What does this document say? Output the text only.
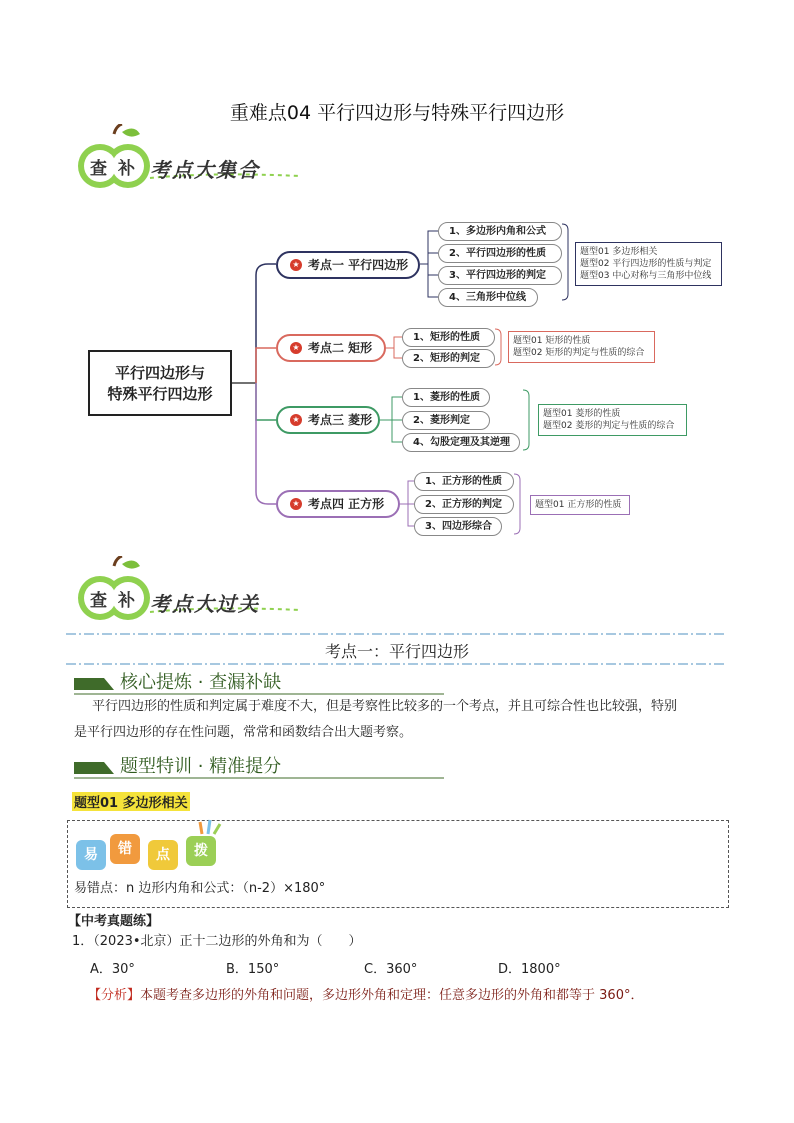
重难点04 平行四边形与特殊平行四边形
查 补 考点大集合
平行四边形与
特殊平行四边形
★ 考点一 平行四边形
1、多边形内角和公式
2、平行四边形的性质
3、平行四边形的判定
4、三角形中位线
题型01 多边形相关
题型02 平行四边形的性质与判定
题型03 中心对称与三角形中位线
★ 考点二 矩形
1、矩形的性质
2、矩形的判定
题型01 矩形的性质
题型02 矩形的判定与性质的综合
★ 考点三 菱形
1、菱形的性质
2、菱形判定
4、勾股定理及其逆理
题型01 菱形的性质
题型02 菱形的判定与性质的综合
★ 考点四 正方形
1、正方形的性质
2、正方形的判定
3、四边形综合
题型01 正方形的性质
查 补 考点大过关
考点一：平行四边形
核心提炼 · 查漏补缺
平行四边形的性质和判定属于难度不大，但是考察性比较多的一个考点，并且可综合性也比较强，特别
是平行四边形的存在性问题，常常和函数结合出大题考察。
题型特训 · 精准提分
题型01 多边形相关
易	错	点	拨
易错点：n 边形内角和公式：（n-2）×180°
【中考真题练】
1．（2023•北京）正十二边形的外角和为（　　）
A．30°	B．150°	C．360°	D．1800°
【分析】本题考查多边形的外角和问题，多边形外角和定理：任意多边形的外角和都等于 360°．
